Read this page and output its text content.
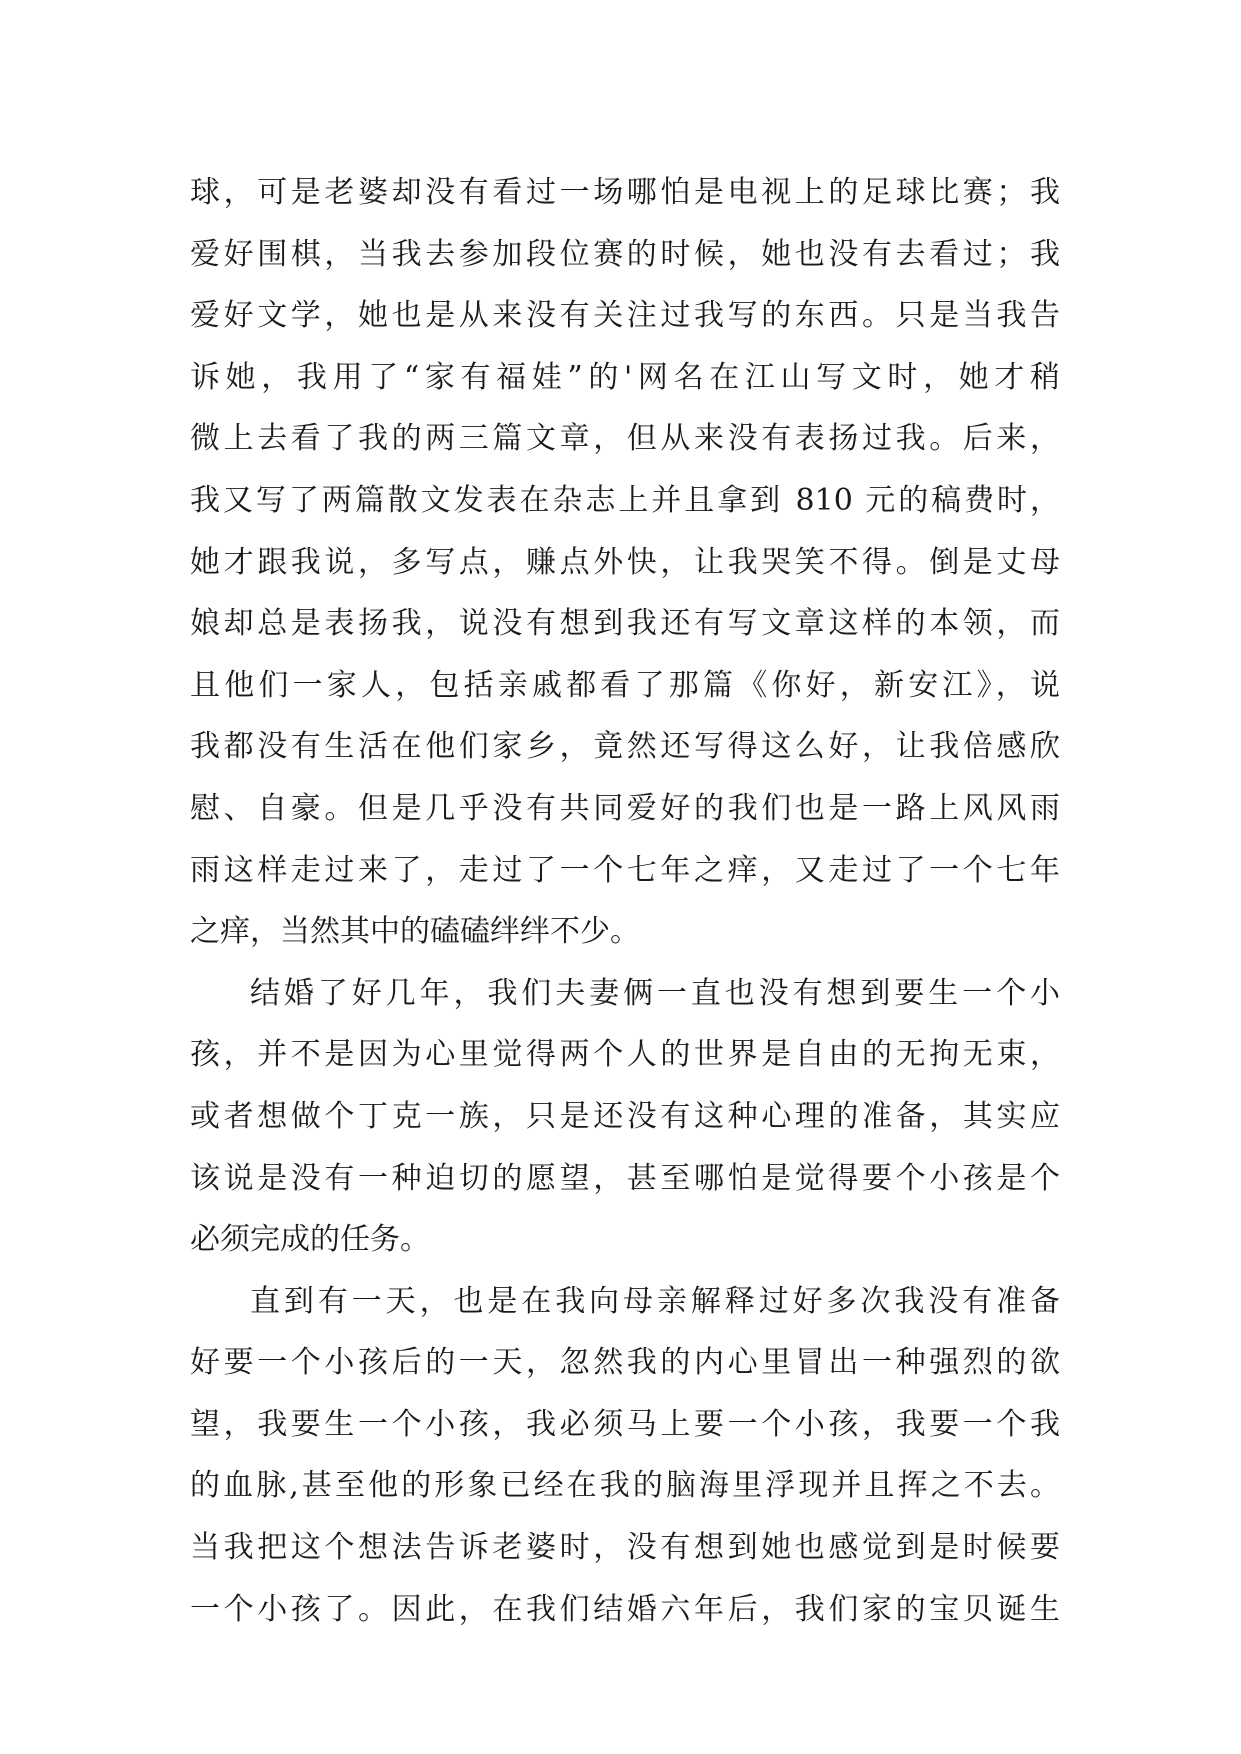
球，可是老婆却没有看过一场哪怕是电视上的足球比赛；我
爱好围棋，当我去参加段位赛的时候，她也没有去看过；我
爱好文学，她也是从来没有关注过我写的东西。只是当我告
诉她，我用了“家有福娃”的'网名在江山写文时，她才稍
微上去看了我的两三篇文章，但从来没有表扬过我。后来，
我又写了两篇散文发表在杂志上并且拿到 810 元的稿费时，
她才跟我说，多写点，赚点外快，让我哭笑不得。倒是丈母
娘却总是表扬我，说没有想到我还有写文章这样的本领，而
且他们一家人，包括亲戚都看了那篇《你好，新安江》，说
我都没有生活在他们家乡，竟然还写得这么好，让我倍感欣
慰、自豪。但是几乎没有共同爱好的我们也是一路上风风雨
雨这样走过来了，走过了一个七年之痒，又走过了一个七年
之痒，当然其中的磕磕绊绊不少。
结婚了好几年，我们夫妻俩一直也没有想到要生一个小
孩，并不是因为心里觉得两个人的世界是自由的无拘无束，
或者想做个丁克一族，只是还没有这种心理的准备，其实应
该说是没有一种迫切的愿望，甚至哪怕是觉得要个小孩是个
必须完成的任务。
直到有一天，也是在我向母亲解释过好多次我没有准备
好要一个小孩后的一天，忽然我的内心里冒出一种强烈的欲
望，我要生一个小孩，我必须马上要一个小孩，我要一个我
的血脉,甚至他的形象已经在我的脑海里浮现并且挥之不去。
当我把这个想法告诉老婆时，没有想到她也感觉到是时候要
一个小孩了。因此，在我们结婚六年后，我们家的宝贝诞生
